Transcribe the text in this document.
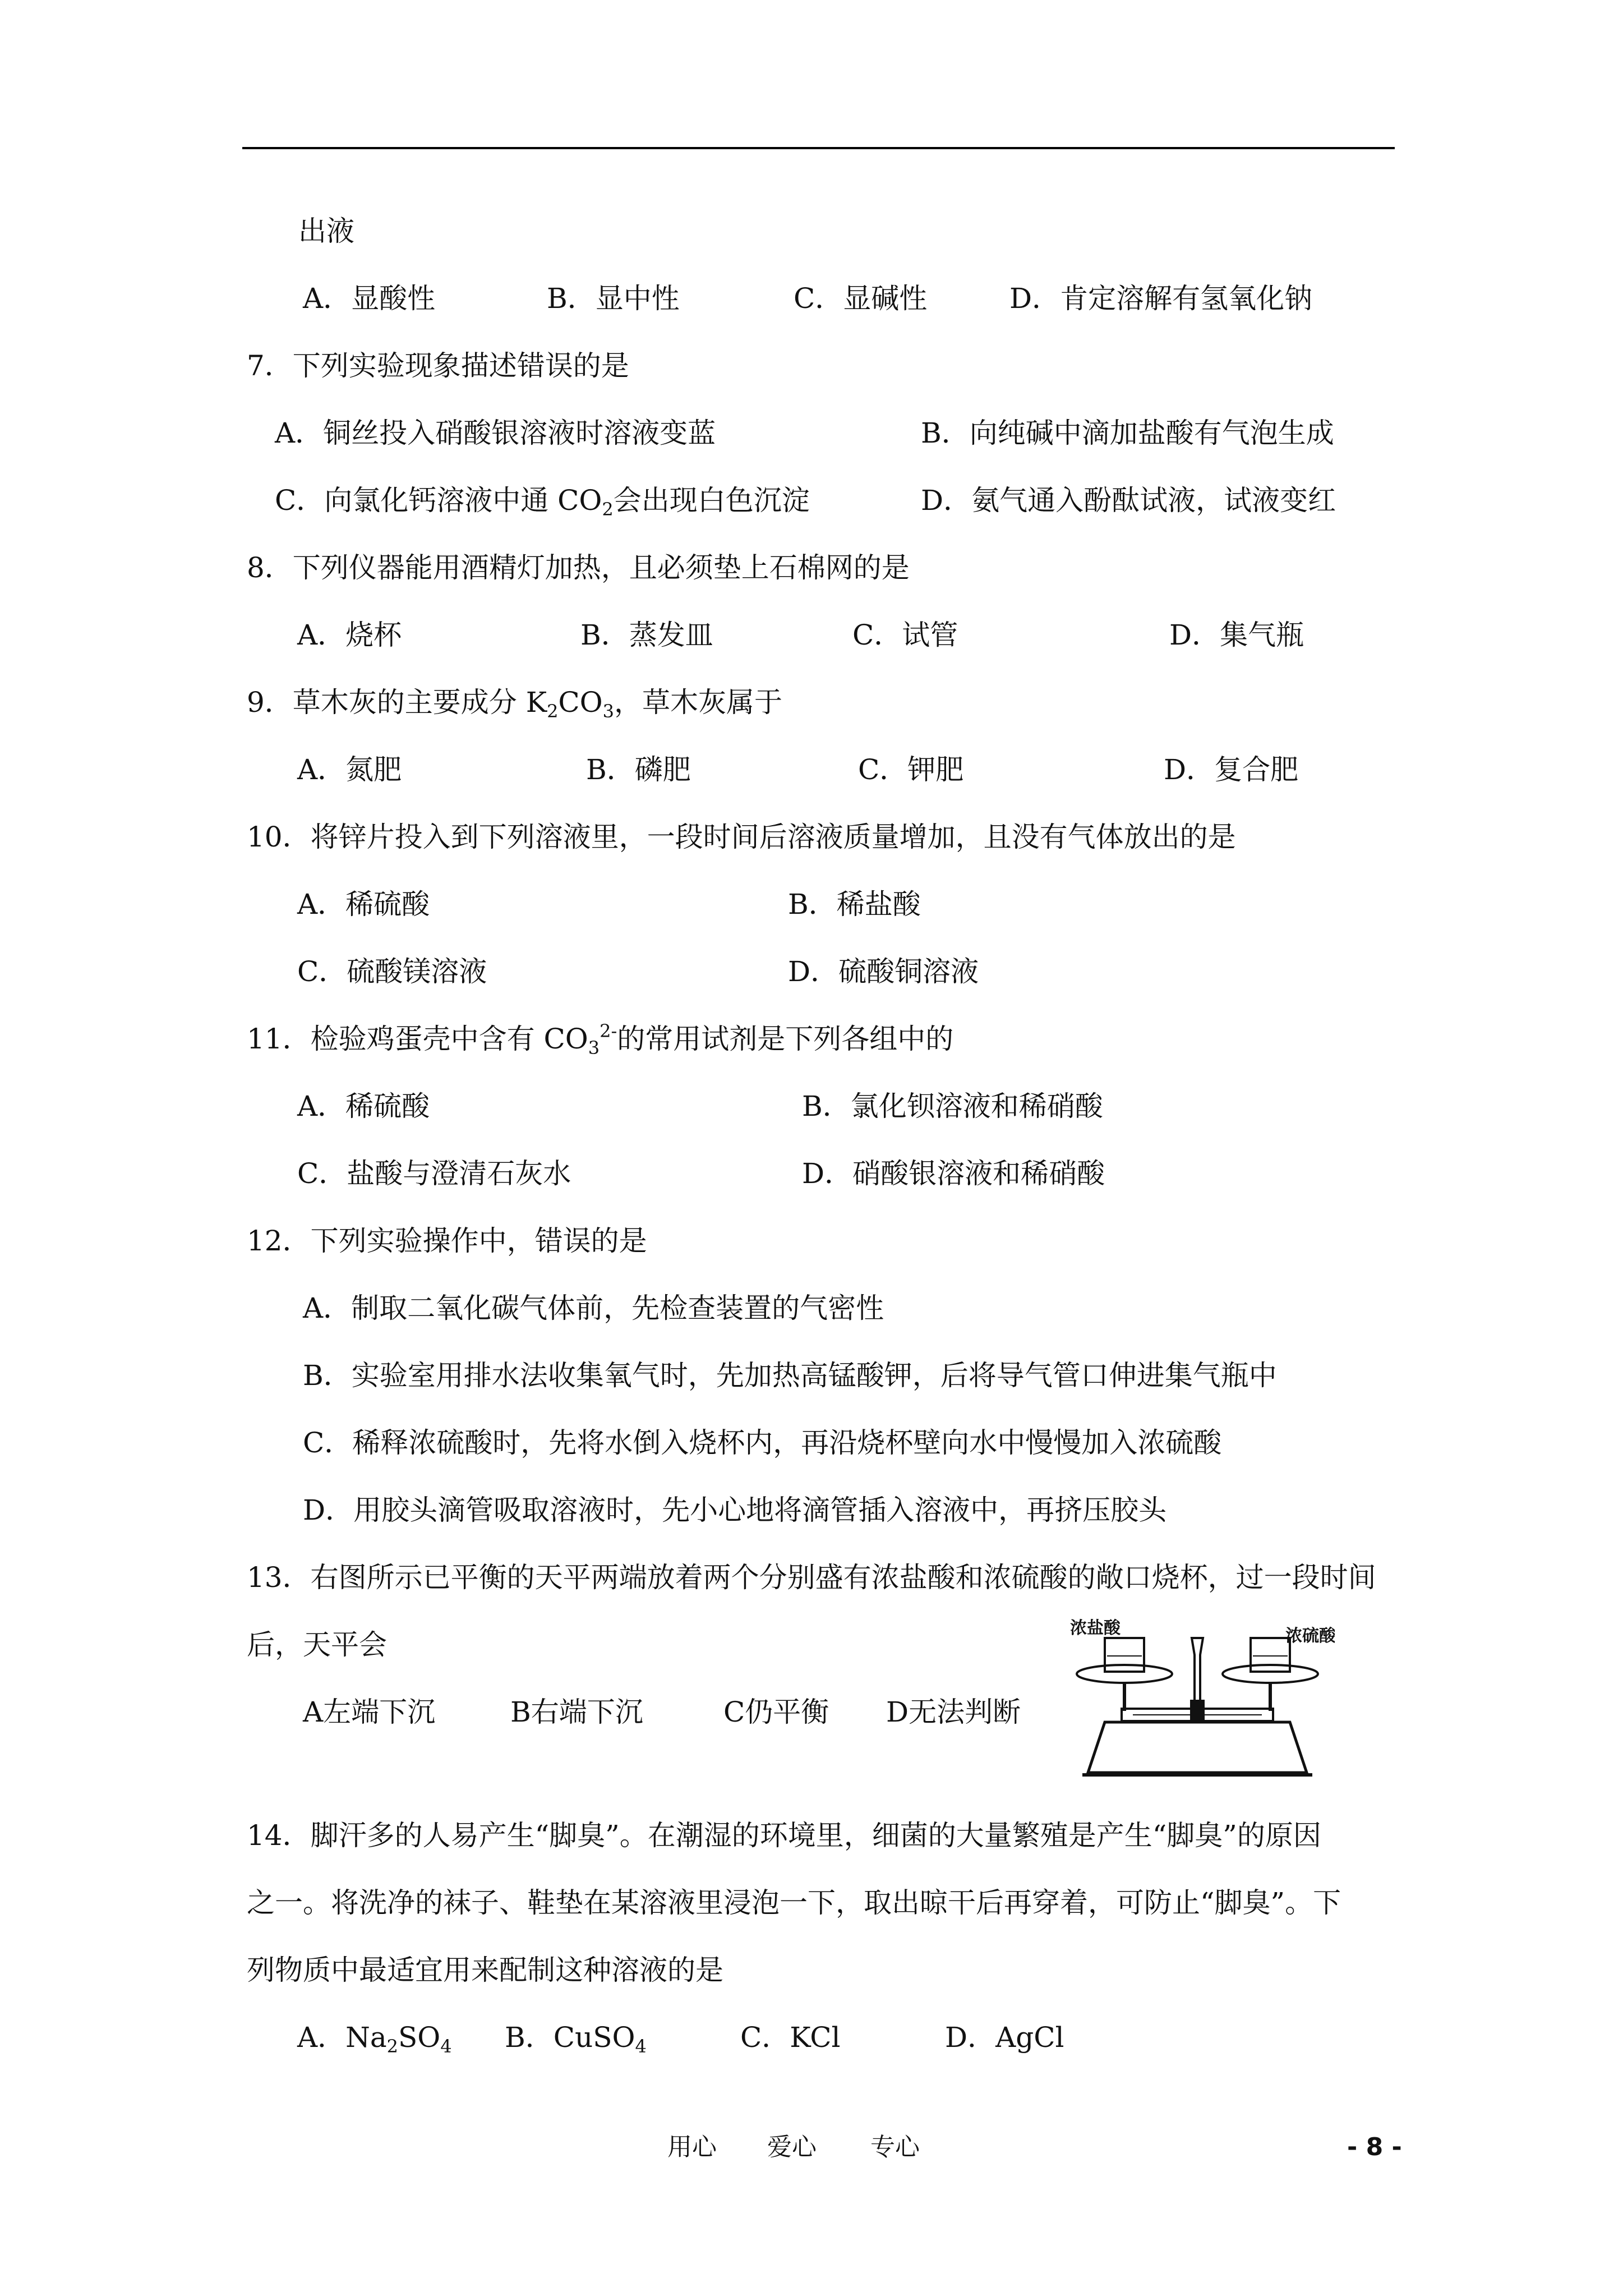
出液
A．显酸性	B．显中性	C．显碱性	D．肯定溶解有氢氧化钠
7．下列实验现象描述错误的是
A．铜丝投入硝酸银溶液时溶液变蓝	B．向纯碱中滴加盐酸有气泡生成
C．向氯化钙溶液中通 $CO_2$会出现白色沉淀	D．氨气通入酚酞试液，试液变红
8．下列仪器能用酒精灯加热，且必须垫上石棉网的是
A．烧杯	B．蒸发皿	C．试管	D．集气瓶
9．草木灰的主要成分 $K_2CO_3$，草木灰属于
A．氮肥	B．磷肥	C．钾肥	D．复合肥
10．将锌片投入到下列溶液里，一段时间后溶液质量增加，且没有气体放出的是
A．稀硫酸	B．稀盐酸
C．硫酸镁溶液	D．硫酸铜溶液
11．检验鸡蛋壳中含有 $CO_3^{2-}$的常用试剂是下列各组中的
A．稀硫酸	B．氯化钡溶液和稀硝酸
C．盐酸与澄清石灰水	D．硝酸银溶液和稀硝酸
12．下列实验操作中，错误的是
A．制取二氧化碳气体前，先检查装置的气密性
B．实验室用排水法收集氧气时，先加热高锰酸钾，后将导气管口伸进集气瓶中
C．稀释浓硫酸时，先将水倒入烧杯内，再沿烧杯壁向水中慢慢加入浓硫酸
D．用胶头滴管吸取溶液时，先小心地将滴管插入溶液中，再挤压胶头
13．右图所示已平衡的天平两端放着两个分别盛有浓盐酸和浓硫酸的敞口烧杯，过一段时间
后，天平会
A左端下沉	B右端下沉	C仍平衡 D无法判断
浓盐酸	浓硫酸
14．脚汗多的人易产生“脚臭”。在潮湿的环境里，细菌的大量繁殖是产生“脚臭”的原因
之一。将洗净的袜子、鞋垫在某溶液里浸泡一下，取出晾干后再穿着，可防止“脚臭”。下
列物质中最适宜用来配制这种溶液的是
A．$Na_2SO_4$ B．CuSO$_4$	C．KCl	D．AgCl
用心 爱心 专心	- 8 -
